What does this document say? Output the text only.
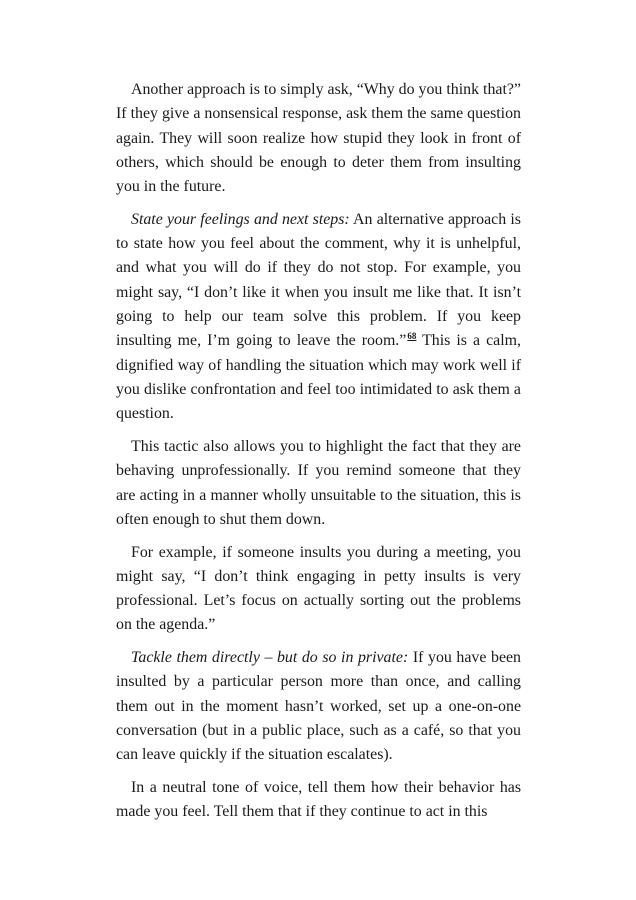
Another approach is to simply ask, “Why do you think that?” If they give a nonsensical response, ask them the same question again. They will soon realize how stupid they look in front of others, which should be enough to deter them from insulting you in the future.

State your feelings and next steps: An alternative approach is to state how you feel about the comment, why it is unhelpful, and what you will do if they do not stop. For example, you might say, “I don’t like it when you insult me like that. It isn’t going to help our team solve this problem. If you keep insulting me, I’m going to leave the room.”$^{68}$ This is a calm, dignified way of handling the situation which may work well if you dislike confrontation and feel too intimidated to ask them a question.

This tactic also allows you to highlight the fact that they are behaving unprofessionally. If you remind someone that they are acting in a manner wholly unsuitable to the situation, this is often enough to shut them down.

For example, if someone insults you during a meeting, you might say, “I don’t think engaging in petty insults is very professional. Let’s focus on actually sorting out the problems on the agenda.”

Tackle them directly – but do so in private: If you have been insulted by a particular person more than once, and calling them out in the moment hasn’t worked, set up a one-on-one conversation (but in a public place, such as a café, so that you can leave quickly if the situation escalates).

In a neutral tone of voice, tell them how their behavior has made you feel. Tell them that if they continue to act in this
